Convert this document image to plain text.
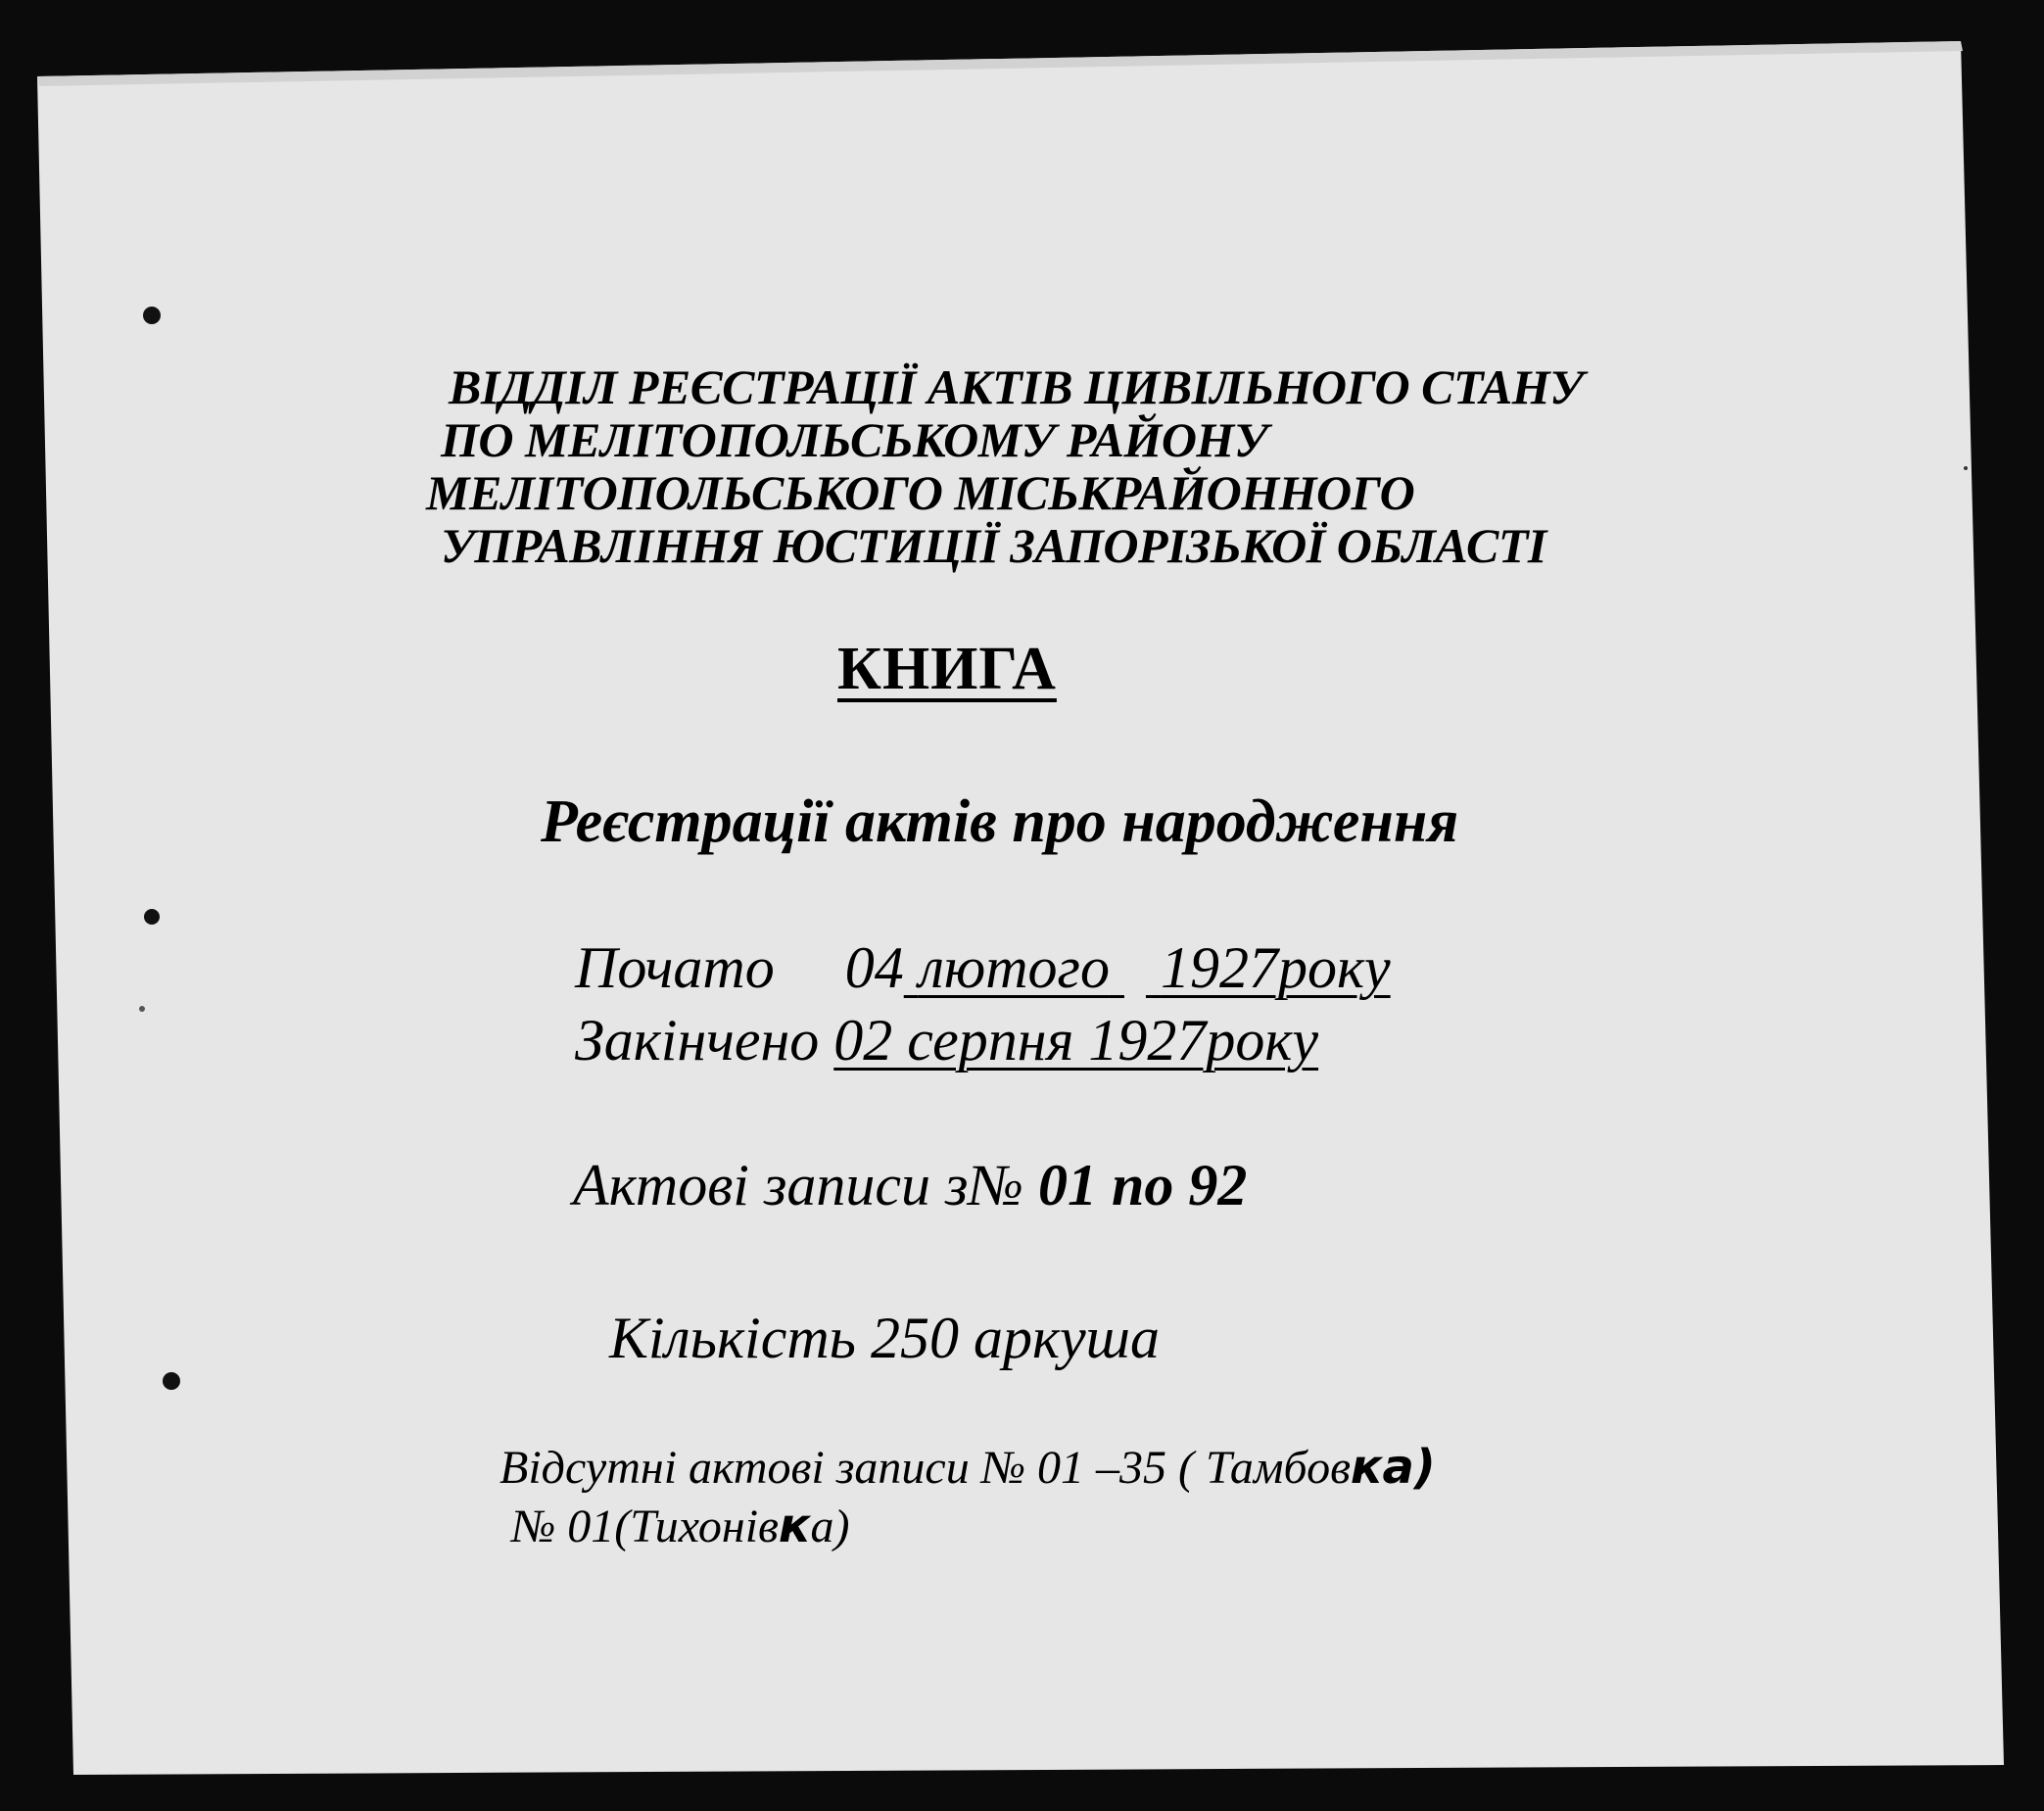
ВІДДІЛ РЕЄСТРАЦІЇ АКТІВ ЦИВІЛЬНОГО СТАНУ
ПО МЕЛІТОПОЛЬСЬКОМУ РАЙОНУ
МЕЛІТОПОЛЬСЬКОГО МІСЬКРАЙОННОГО
УПРАВЛІННЯ ЮСТИЦІЇ ЗАПОРІЗЬКОЇ ОБЛАСТІ
КНИГА
Реєстрації актів про народження
Почато 04 лютого 1927року
Закінчено 02 серпня 1927року
Актові записи з№ 01 по 92
Кількість 250 аркуша
Відсутні актові записи № 01 –35 ( Тамбовка)
№ 01(Тихонівка)
